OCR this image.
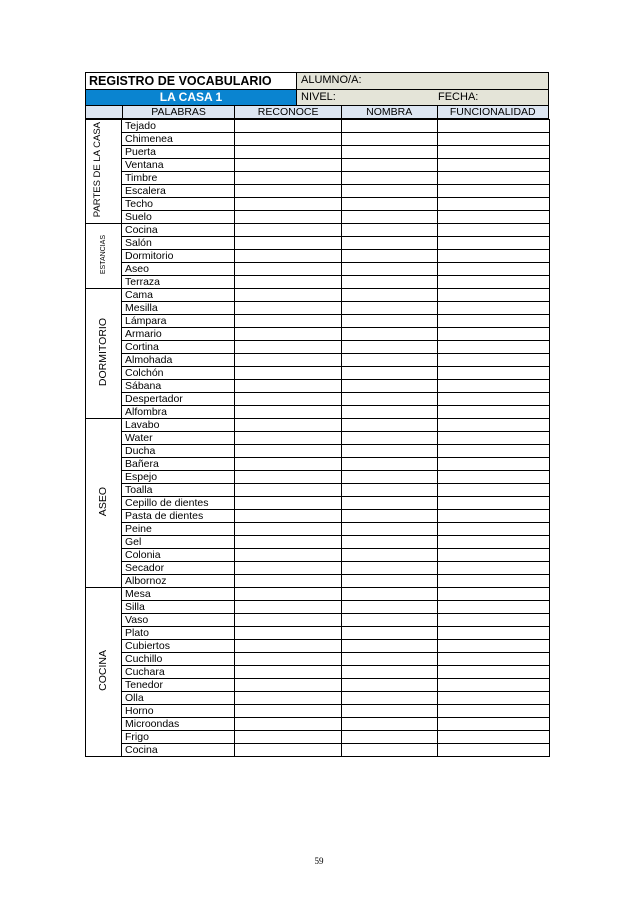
REGISTRO DE VOCABULARIO	ALUMNO/A:
LA CASA 1	NIVEL:	FECHA:
PALABRAS	RECONOCE	NOMBRA	FUNCIONALIDAD
PARTES DE LA CASA	Tejado			
	Chimenea			
	Puerta			
	Ventana			
	Timbre			
	Escalera			
	Techo			
	Suelo			
ESTANCIAS	Cocina			
	Salón			
	Dormitorio			
	Aseo			
	Terraza			
DORMITORIO	Cama			
	Mesilla			
	Lámpara			
	Armario			
	Cortina			
	Almohada			
	Colchón			
	Sábana			
	Despertador			
	Alfombra			
ASEO	Lavabo			
	Water			
	Ducha			
	Bañera			
	Espejo			
	Toalla			
	Cepillo de dientes			
	Pasta de dientes			
	Peine			
	Gel			
	Colonia			
	Secador			
	Albornoz			
COCINA	Mesa			
	Silla			
	Vaso			
	Plato			
	Cubiertos			
	Cuchillo			
	Cuchara			
	Tenedor			
	Olla			
	Horno			
	Microondas			
	Frigo			
	Cocina			
59
